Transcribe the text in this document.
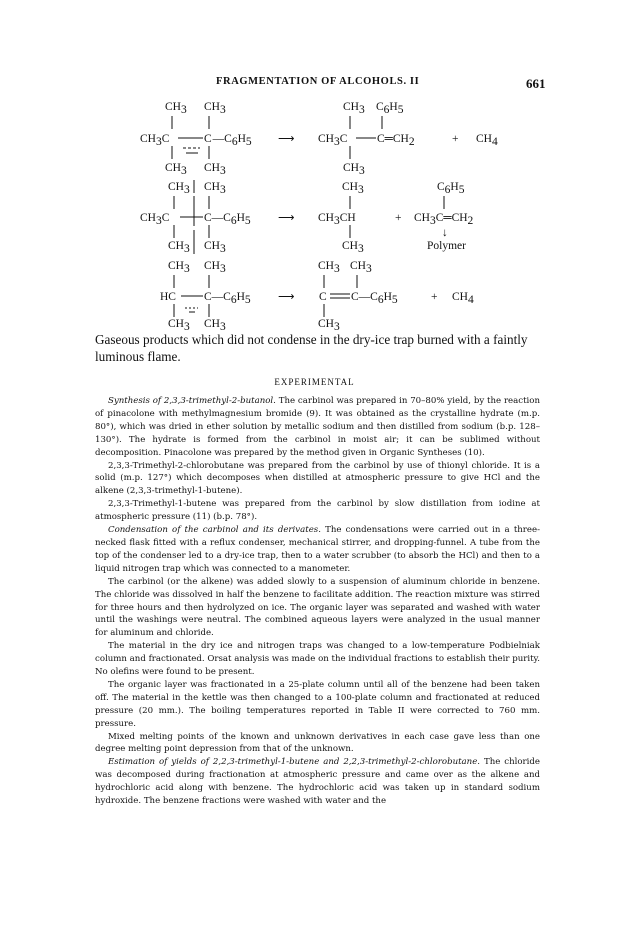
FRAGMENTATION OF ALCOHOLS. II	661
CH3 CH3
CH3C	C—C6H5
CH3 CH3
⟶
CH3 C6H5
CH3C	C═CH2
CH3
+ CH4
CH3 CH3
CH3C	C—C6H5
CH3 CH3
⟶
CH3
CH3CH
CH3
+
C6H5
CH3C═CH2
↓
Polymer
CH3 CH3
HC C—C6H5
CH3 CH3
⟶
CH3 CH3
C C—C6H5
CH3
+ CH4

Gaseous products which did not condense in the dry-ice trap burned with a faintly luminous flame.

EXPERIMENTAL

Synthesis of 2,3,3-trimethyl-2-butanol. The carbinol was prepared in 70–80% yield, by the reaction of pinacolone with methylmagnesium bromide (9). It was obtained as the crystalline hydrate (m.p. 80°), which was dried in ether solution by metallic sodium and then distilled from sodium (b.p. 128–130°). The hydrate is formed from the carbinol in moist air; it can be sublimed without decomposition. Pinacolone was prepared by the method given in Organic Syntheses (10).

2,3,3-Trimethyl-2-chlorobutane was prepared from the carbinol by use of thionyl chloride. It is a solid (m.p. 127°) which decomposes when distilled at atmospheric pressure to give HCl and the alkene (2,3,3-trimethyl-1-butene).

2,3,3-Trimethyl-1-butene was prepared from the carbinol by slow distillation from iodine at atmospheric pressure (11) (b.p. 78°).

Condensation of the carbinol and its derivates. The condensations were carried out in a three-necked flask fitted with a reflux condenser, mechanical stirrer, and dropping-funnel. A tube from the top of the condenser led to a dry-ice trap, then to a water scrubber (to absorb the HCl) and then to a liquid nitrogen trap which was connected to a manometer.

The carbinol (or the alkene) was added slowly to a suspension of aluminum chloride in benzene. The chloride was dissolved in half the benzene to facilitate addition. The reaction mixture was stirred for three hours and then hydrolyzed on ice. The organic layer was separated and washed with water until the washings were neutral. The combined aqueous layers were analyzed in the usual manner for aluminum and chloride.

The material in the dry ice and nitrogen traps was changed to a low-temperature Podbielniak column and fractionated. Orsat analysis was made on the individual fractions to establish their purity. No olefins were found to be present.

The organic layer was fractionated in a 25-plate column until all of the benzene had been taken off. The material in the kettle was then changed to a 100-plate column and fractionated at reduced pressure (20 mm.). The boiling temperatures reported in Table II were corrected to 760 mm. pressure.

Mixed melting points of the known and unknown derivatives in each case gave less than one degree melting point depression from that of the unknown.

Estimation of yields of 2,2,3-trimethyl-1-butene and 2,2,3-trimethyl-2-chlorobutane. The chloride was decomposed during fractionation at atmospheric pressure and came over as the alkene and hydrochloric acid along with benzene. The hydrochloric acid was taken up in standard sodium hydroxide. The benzene fractions were washed with water and the
